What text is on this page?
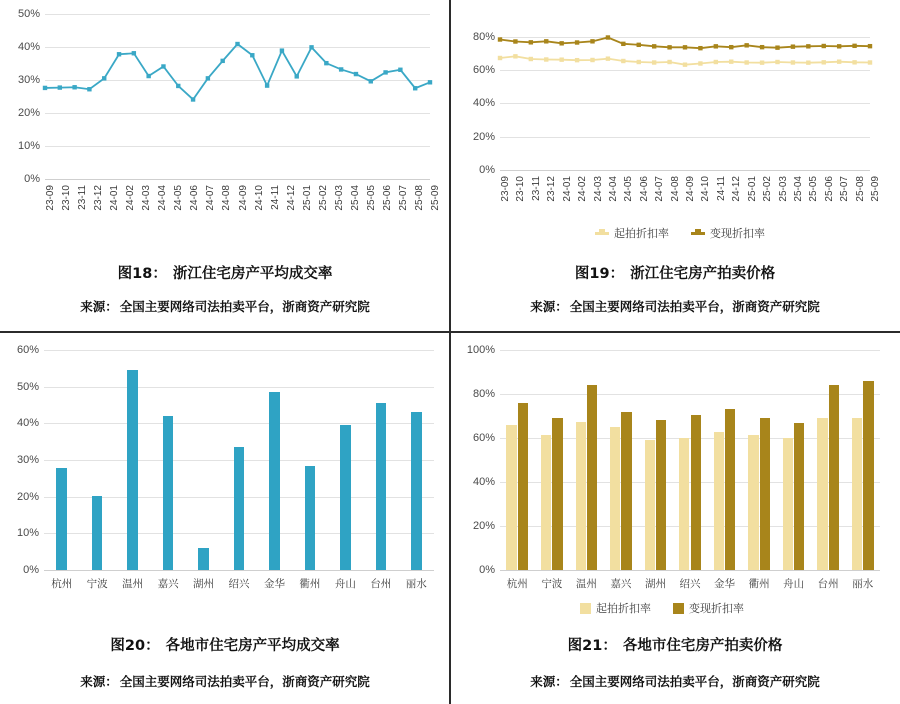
0%
10%
20%
30%
40%
50%
23-09 23-10 23-11 23-12 24-01 24-02 24-03 24-04 24-05 24-06 24-07 24-08 24-09 24-10 24-11 24-12 25-01 25-02 25-03 25-04 25-05 25-06 25-07 25-08 25-09
图18： 浙江住宅房产平均成交率
来源： 全国主要网络司法拍卖平台，浙商资产研究院
0%
20%
40%
60%
80%
23-09 23-10 23-11 23-12 24-01 24-02 24-03 24-04 24-05 24-06 24-07 24-08 24-09 24-10 24-11 24-12 25-01 25-02 25-03 25-04 25-05 25-06 25-07 25-08 25-09
起拍折扣率	变现折扣率
图19： 浙江住宅房产拍卖价格
来源： 全国主要网络司法拍卖平台，浙商资产研究院
0%
10%
20%
30%
40%
50%
60%
杭州 宁波 温州 嘉兴 湖州 绍兴 金华 衢州 舟山 台州 丽水
图20： 各地市住宅房产平均成交率
来源： 全国主要网络司法拍卖平台，浙商资产研究院
0%
20%
40%
60%
80%
100%
杭州 宁波 温州 嘉兴 湖州 绍兴 金华 衢州 舟山 台州 丽水
起拍折扣率	变现折扣率
图21： 各地市住宅房产拍卖价格
来源： 全国主要网络司法拍卖平台，浙商资产研究院
